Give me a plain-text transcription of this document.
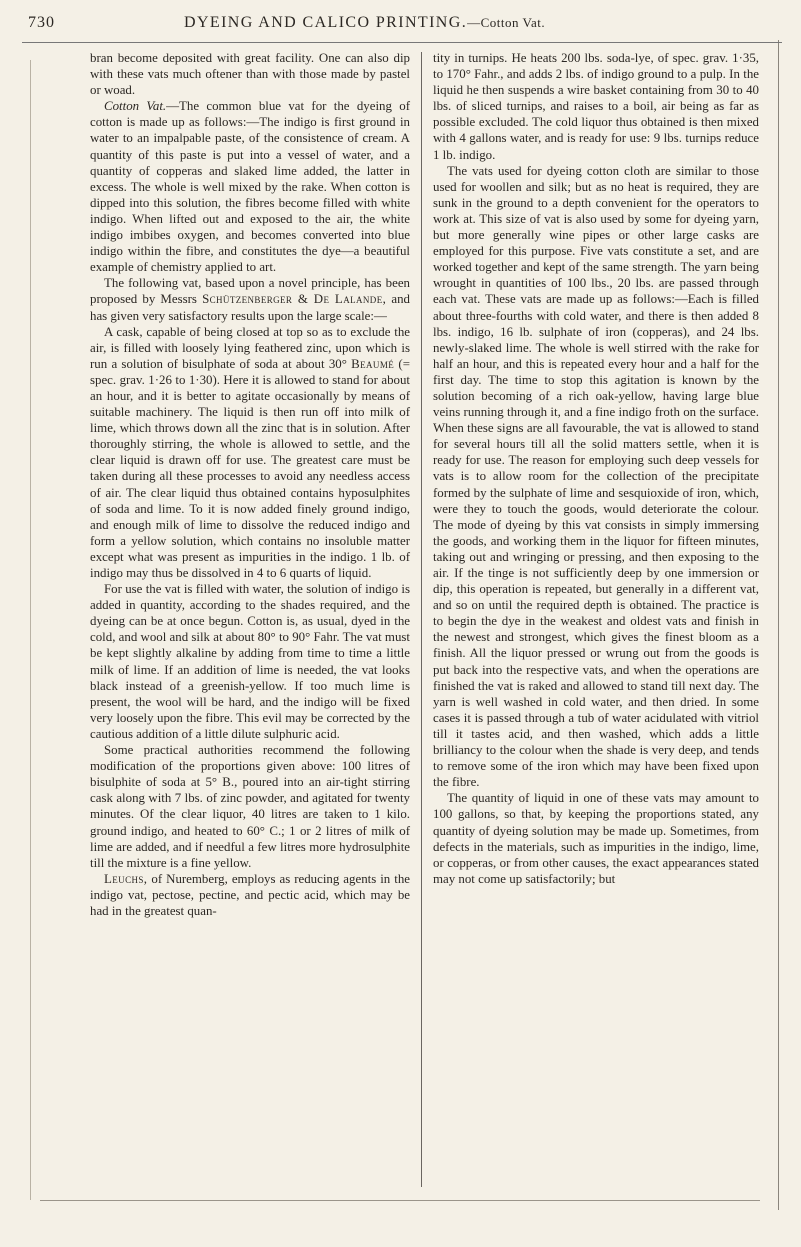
730	DYEING AND CALICO PRINTING.—Cotton Vat.

bran become deposited with great facility. One can also dip with these vats much oftener than with those made by pastel or woad.

Cotton Vat.—The common blue vat for the dyeing of cotton is made up as follows:—The indigo is first ground in water to an impalpable paste, of the consistence of cream. A quantity of this paste is put into a vessel of water, and a quantity of copperas and slaked lime added, the latter in excess. The whole is well mixed by the rake. When cotton is dipped into this solution, the fibres become filled with white indigo. When lifted out and exposed to the air, the white indigo imbibes oxygen, and becomes converted into blue indigo within the fibre, and constitutes the dye—a beautiful example of chemistry applied to art.

The following vat, based upon a novel principle, has been proposed by Messrs Schützenberger & De Lalande, and has given very satisfactory results upon the large scale:—

A cask, capable of being closed at top so as to exclude the air, is filled with loosely lying feathered zinc, upon which is run a solution of bisulphate of soda at about 30° Beaumé (= spec. grav. 1·26 to 1·30). Here it is allowed to stand for about an hour, and it is better to agitate occasionally by means of suitable machinery. The liquid is then run off into milk of lime, which throws down all the zinc that is in solution. After thoroughly stirring, the whole is allowed to settle, and the clear liquid is drawn off for use. The greatest care must be taken during all these processes to avoid any needless access of air. The clear liquid thus obtained contains hyposulphites of soda and lime. To it is now added finely ground indigo, and enough milk of lime to dissolve the reduced indigo and form a yellow solution, which contains no insoluble matter except what was present as impurities in the indigo. 1 lb. of indigo may thus be dissolved in 4 to 6 quarts of liquid.

For use the vat is filled with water, the solution of indigo is added in quantity, according to the shades required, and the dyeing can be at once begun. Cotton is, as usual, dyed in the cold, and wool and silk at about 80° to 90° Fahr. The vat must be kept slightly alkaline by adding from time to time a little milk of lime. If an addition of lime is needed, the vat looks black instead of a greenish-yellow. If too much lime is present, the wool will be hard, and the indigo will be fixed very loosely upon the fibre. This evil may be corrected by the cautious addition of a little dilute sulphuric acid.

Some practical authorities recommend the following modification of the proportions given above: 100 litres of bisulphite of soda at 5° B., poured into an air-tight stirring cask along with 7 lbs. of zinc powder, and agitated for twenty minutes. Of the clear liquor, 40 litres are taken to 1 kilo. ground indigo, and heated to 60° C.; 1 or 2 litres of milk of lime are added, and if needful a few litres more hydrosulphite till the mixture is a fine yellow.

Leuchs, of Nuremberg, employs as reducing agents in the indigo vat, pectose, pectine, and pectic acid, which may be had in the greatest quan-

tity in turnips. He heats 200 lbs. soda-lye, of spec. grav. 1·35, to 170° Fahr., and adds 2 lbs. of indigo ground to a pulp. In the liquid he then suspends a wire basket containing from 30 to 40 lbs. of sliced turnips, and raises to a boil, air being as far as possible excluded. The cold liquor thus obtained is then mixed with 4 gallons water, and is ready for use: 9 lbs. turnips reduce 1 lb. indigo.

The vats used for dyeing cotton cloth are similar to those used for woollen and silk; but as no heat is required, they are sunk in the ground to a depth convenient for the operators to work at. This size of vat is also used by some for dyeing yarn, but more generally wine pipes or other large casks are employed for this purpose. Five vats constitute a set, and are worked together and kept of the same strength. The yarn being wrought in quantities of 100 lbs., 20 lbs. are passed through each vat. These vats are made up as follows:—Each is filled about three-fourths with cold water, and there is then added 8 lbs. indigo, 16 lb. sulphate of iron (copperas), and 24 lbs. newly-slaked lime. The whole is well stirred with the rake for half an hour, and this is repeated every hour and a half for the first day. The time to stop this agitation is known by the solution becoming of a rich oak-yellow, having large blue veins running through it, and a fine indigo froth on the surface. When these signs are all favourable, the vat is allowed to stand for several hours till all the solid matters settle, when it is ready for use. The reason for employing such deep vessels for vats is to allow room for the collection of the precipitate formed by the sulphate of lime and sesquioxide of iron, which, were they to touch the goods, would deteriorate the colour. The mode of dyeing by this vat consists in simply immersing the goods, and working them in the liquor for fifteen minutes, taking out and wringing or pressing, and then exposing to the air. If the tinge is not sufficiently deep by one immersion or dip, this operation is repeated, but generally in a different vat, and so on until the required depth is obtained. The practice is to begin the dye in the weakest and oldest vats and finish in the newest and strongest, which gives the finest bloom as a finish. All the liquor pressed or wrung out from the goods is put back into the respective vats, and when the operations are finished the vat is raked and allowed to stand till next day. The yarn is well washed in cold water, and then dried. In some cases it is passed through a tub of water acidulated with vitriol till it tastes acid, and then washed, which adds a little brilliancy to the colour when the shade is very deep, and tends to remove some of the iron which may have been fixed upon the fibre.

The quantity of liquid in one of these vats may amount to 100 gallons, so that, by keeping the proportions stated, any quantity of dyeing solution may be made up. Sometimes, from defects in the materials, such as impurities in the indigo, lime, or copperas, or from other causes, the exact appearances stated may not come up satisfactorily; but
